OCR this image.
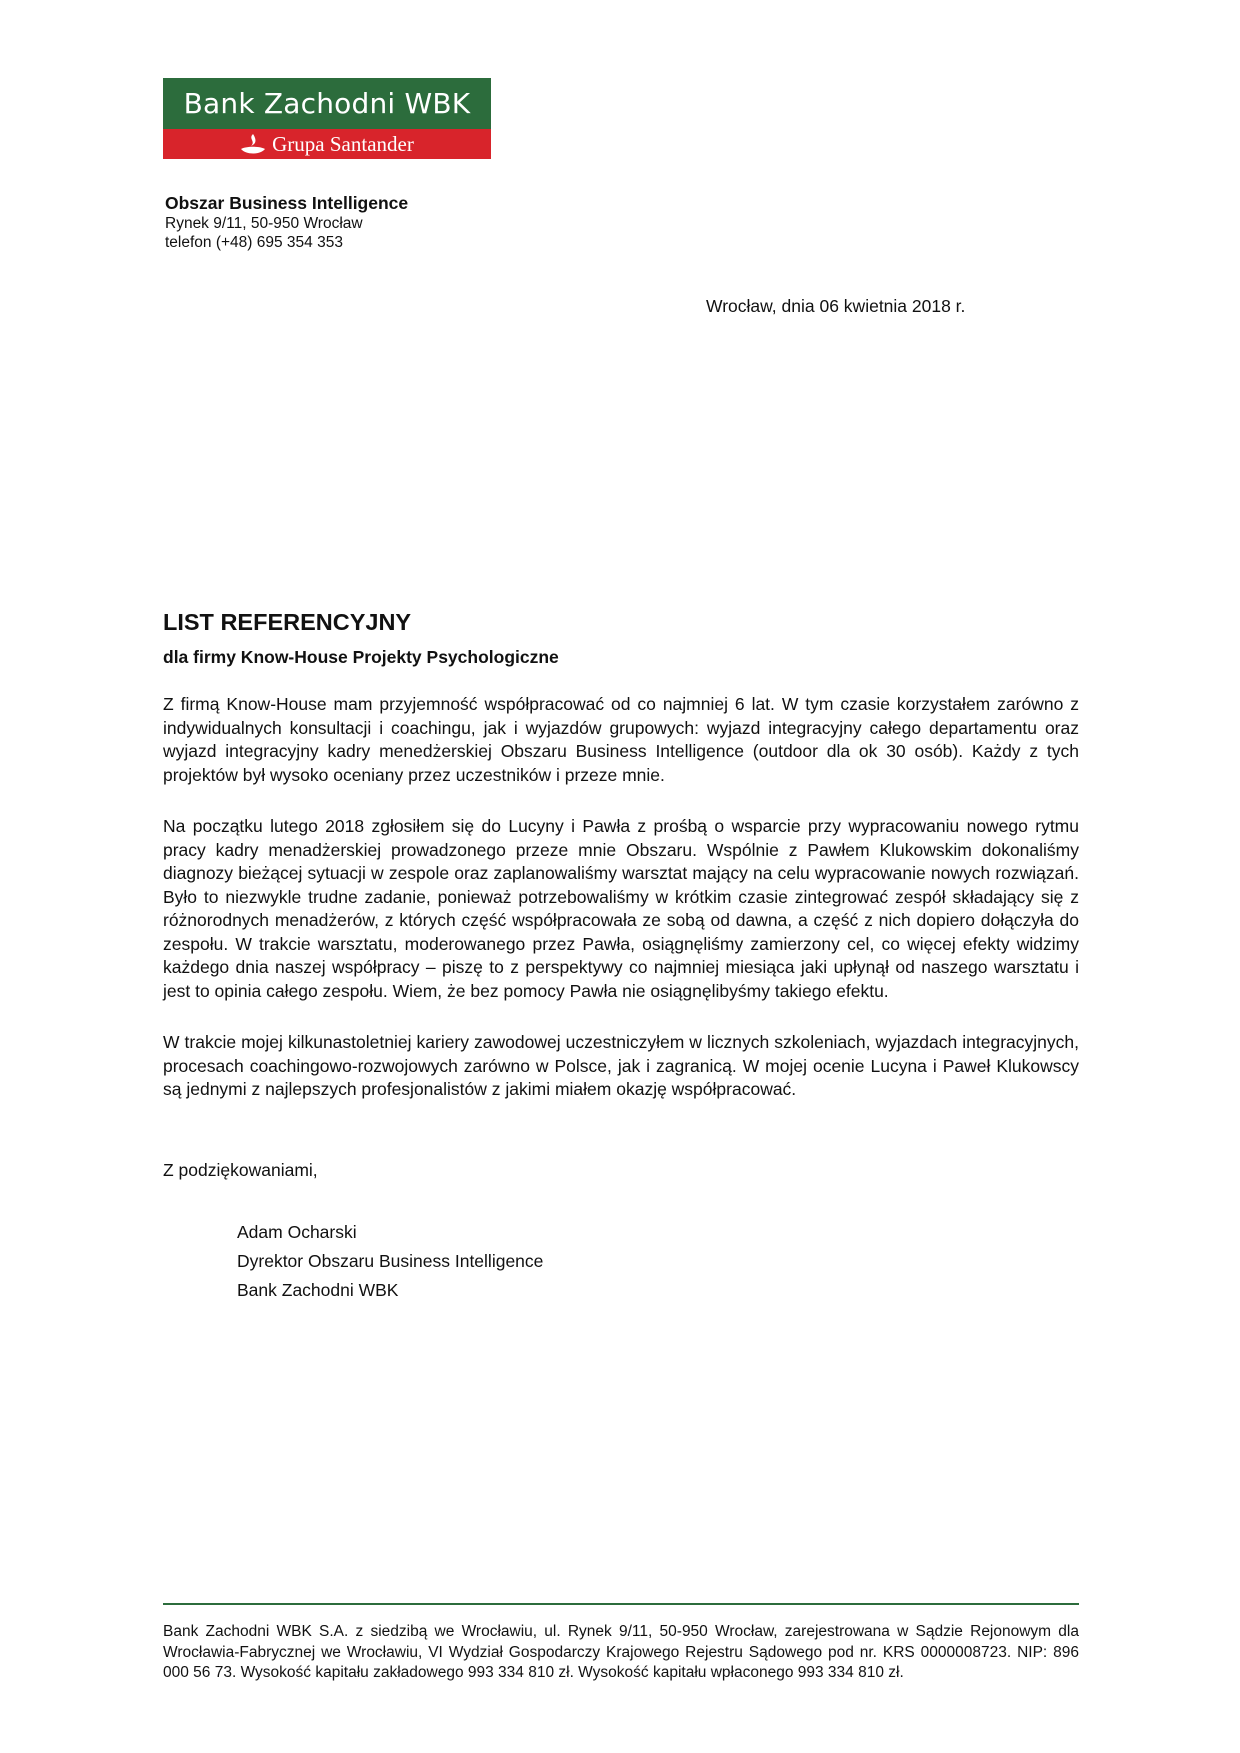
Bank Zachodni WBK
Grupa Santander
Obszar Business Intelligence
Rynek 9/11, 50-950 Wrocław
telefon (+48) 695 354 353
Wrocław, dnia 06 kwietnia 2018 r.
LIST REFERENCYJNY
dla firmy Know-House Projekty Psychologiczne

Z firmą Know-House mam przyjemność współpracować od co najmniej 6 lat. W tym czasie korzystałem zarówno z indywidualnych konsultacji i coachingu, jak i wyjazdów grupowych: wyjazd integracyjny całego departamentu oraz wyjazd integracyjny kadry menedżerskiej Obszaru Business Intelligence (outdoor dla ok 30 osób). Każdy z tych projektów był wysoko oceniany przez uczestników i przeze mnie.

Na początku lutego 2018 zgłosiłem się do Lucyny i Pawła z prośbą o wsparcie przy wypracowaniu nowego rytmu pracy kadry menadżerskiej prowadzonego przeze mnie Obszaru. Wspólnie z Pawłem Klukowskim dokonaliśmy diagnozy bieżącej sytuacji w zespole oraz zaplanowaliśmy warsztat mający na celu wypracowanie nowych rozwiązań. Było to niezwykle trudne zadanie, ponieważ potrzebowaliśmy w krótkim czasie zintegrować zespół składający się z różnorodnych menadżerów, z których część współpracowała ze sobą od dawna, a część z nich dopiero dołączyła do zespołu. W trakcie warsztatu, moderowanego przez Pawła, osiągnęliśmy zamierzony cel, co więcej efekty widzimy każdego dnia naszej współpracy – piszę to z perspektywy co najmniej miesiąca jaki upłynął od naszego warsztatu i jest to opinia całego zespołu. Wiem, że bez pomocy Pawła nie osiągnęlibyśmy takiego efektu.

W trakcie mojej kilkunastoletniej kariery zawodowej uczestniczyłem w licznych szkoleniach, wyjazdach integracyjnych, procesach coachingowo-rozwojowych zarówno w Polsce, jak i zagranicą. W mojej ocenie Lucyna i Paweł Klukowscy są jednymi z najlepszych profesjonalistów z jakimi miałem okazję współpracować.

Z podziękowaniami,
Adam Ocharski
Dyrektor Obszaru Business Intelligence
Bank Zachodni WBK
Bank Zachodni WBK S.A. z siedzibą we Wrocławiu, ul. Rynek 9/11, 50-950 Wrocław, zarejestrowana w Sądzie Rejonowym dla Wrocławia-Fabrycznej we Wrocławiu, VI Wydział Gospodarczy Krajowego Rejestru Sądowego pod nr. KRS 0000008723. NIP: 896 000 56 73. Wysokość kapitału zakładowego 993 334 810 zł. Wysokość kapitału wpłaconego 993 334 810 zł.
